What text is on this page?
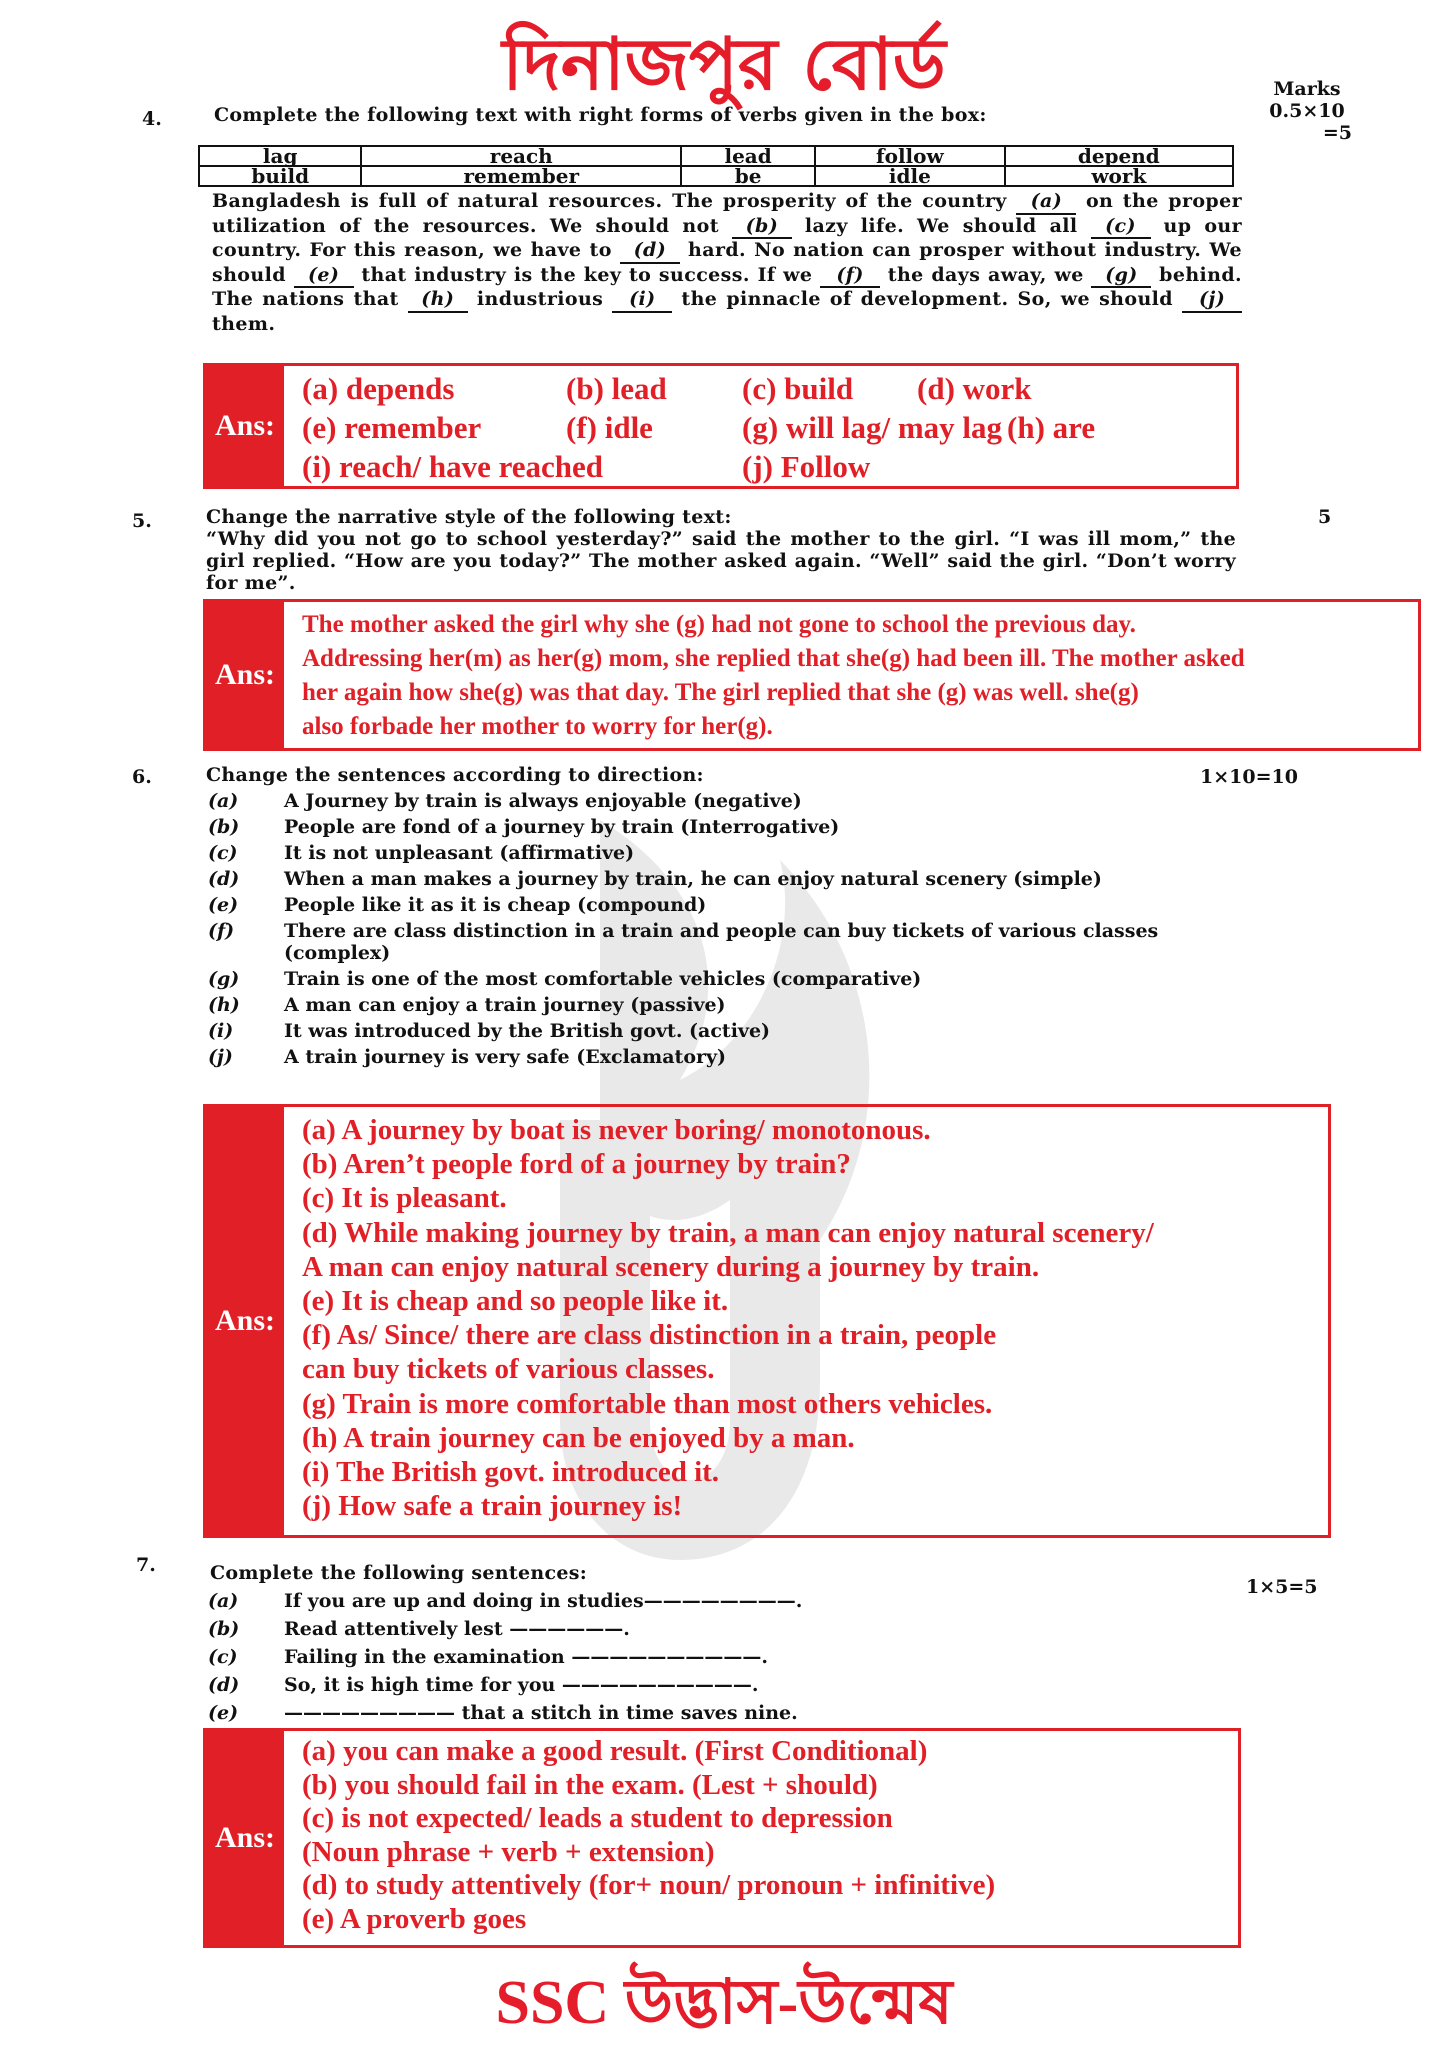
দিনাজপুর বোর্ড	Marks
0.5×10
=5
4.	Complete the following text with right forms of verbs given in the box:
lag	reach	lead	follow	depend
build	remember	be	idle	work
Bangladesh is full of natural resources. The prosperity of the country (a) on the proper utilization of the resources. We should not (b) lazy life. We should all (c) up our country. For this reason, we have to (d) hard. No nation can prosper without industry. We should (e) that industry is the key to success. If we (f) the days away, we (g) behind. The nations that (h) industrious (i) the pinnacle of development. So, we should (j) them.
Ans:
(a) depends	(b) lead	(c) build	(d) work
(e) remember	(f) idle	(g) will lag/ may lag (h) are
(i) reach/ have reached	(j) Follow
5.	5
Change the narrative style of the following text:
“Why did you not go to school yesterday?” said the mother to the girl. “I was ill mom,” the girl replied. “How are you today?” The mother asked again. “Well” said the girl. “Don’t worry for me”.
Ans:
The mother asked the girl why she (g) had not gone to school the previous day.
Addressing her(m) as her(g) mom, she replied that she(g) had been ill. The mother asked
her again how she(g) was that day. The girl replied that she (g) was well. she(g)
also forbade her mother to worry for her(g).
6.	Change the sentences according to direction:	1×10=10
(a)	A Journey by train is always enjoyable (negative)
(b)	People are fond of a journey by train (Interrogative)
(c)	It is not unpleasant (affirmative)
(d)	When a man makes a journey by train, he can enjoy natural scenery (simple)
(e)	People like it as it is cheap (compound)
(f)	There are class distinction in a train and people can buy tickets of various classes (complex)
(g)	Train is one of the most comfortable vehicles (comparative)
(h)	A man can enjoy a train journey (passive)
(i)	It was introduced by the British govt. (active)
(j)	A train journey is very safe (Exclamatory)
Ans:
(a) A journey by boat is never boring/ monotonous.
(b) Aren’t people ford of a journey by train?
(c) It is pleasant.
(d) While making journey by train, a man can enjoy natural scenery/
A man can enjoy natural scenery during a journey by train.
(e) It is cheap and so people like it.
(f) As/ Since/ there are class distinction in a train, people
can buy tickets of various classes.
(g) Train is more comfortable than most others vehicles.
(h) A train journey can be enjoyed by a man.
(i) The British govt. introduced it.
(j) How safe a train journey is!
7.	Complete the following sentences:
1×5=5
(a)	If you are up and doing in studies————————.
(b)	Read attentively lest ——————.
(c)	Failing in the examination ——————————.
(d)	So, it is high time for you ——————————.
(e)	————————— that a stitch in time saves nine.
Ans:
(a) you can make a good result. (First Conditional)
(b) you should fail in the exam. (Lest + should)
(c) is not expected/ leads a student to depression
(Noun phrase + verb + extension)
(d) to study attentively (for+ noun/ pronoun + infinitive)
(e) A proverb goes
SSC উদ্ভাস-উন্মেষ
